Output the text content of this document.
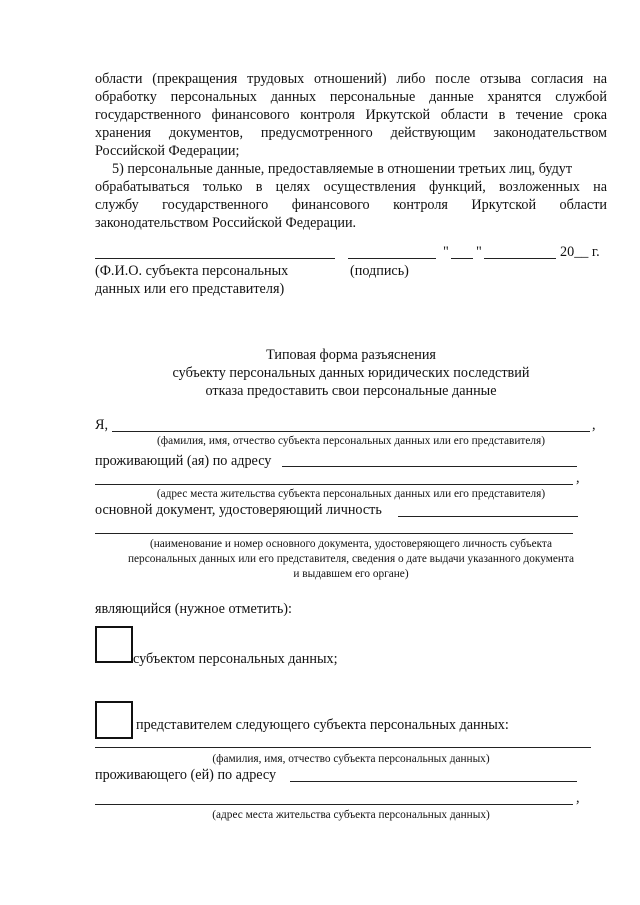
области (прекращения трудовых отношений) либо после отзыва согласия на
обработку персональных данных персональные данные хранятся службой
государственного финансового контроля Иркутской области в течение срока
хранения документов, предусмотренного действующим законодательством
Российской Федерации;
5) персональные данные, предоставляемые в отношении третьих лиц, будут
обрабатываться только в целях осуществления функций, возложенных на
службу государственного финансового контроля Иркутской области
законодательством Российской Федерации.
" "	20__ г.
(Ф.И.О. субъекта персональных
данных или его представителя)
(подпись)
Типовая форма разъяснения
субъекту персональных данных юридических последствий
отказа предоставить свои персональные данные
Я,	,
(фамилия, имя, отчество субъекта персональных данных или его представителя)
проживающий (ая) по адресу
,
(адрес места жительства субъекта персональных данных или его представителя)
основной документ, удостоверяющий личность
(наименование и номер основного документа, удостоверяющего личность субъекта
персональных данных или его представителя, сведения о дате выдачи указанного документа
и выдавшем его органе)
являющийся (нужное отметить):
субъектом персональных данных;
представителем следующего субъекта персональных данных:
(фамилия, имя, отчество субъекта персональных данных)
проживающего (ей) по адресу
,
(адрес места жительства субъекта персональных данных)
